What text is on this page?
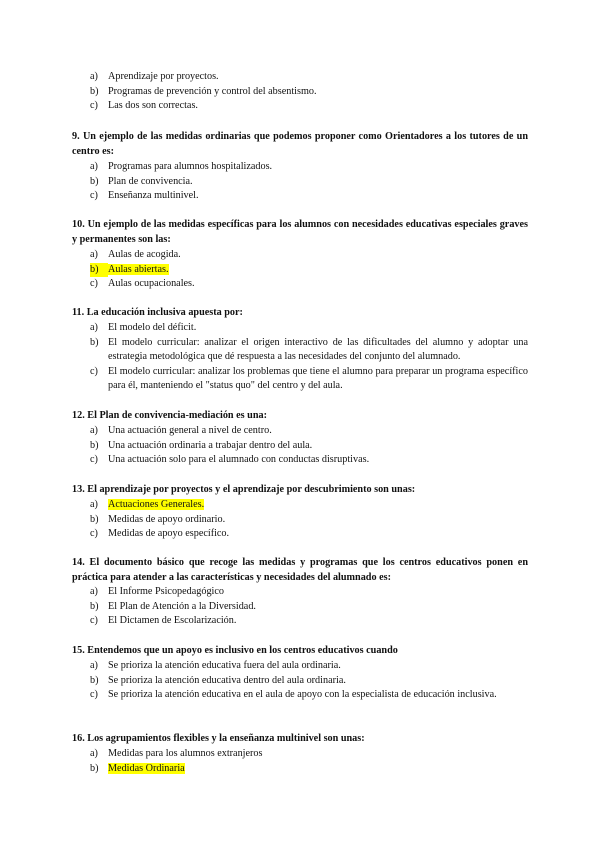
a) Aprendizaje por proyectos.
b) Programas de prevención y control del absentismo.
c) Las dos son correctas.
9. Un ejemplo de las medidas ordinarias que podemos proponer como Orientadores a los tutores de un centro es:
a) Programas para alumnos hospitalizados.
b) Plan de convivencia.
c) Enseñanza multinivel.
10. Un ejemplo de las medidas específicas para los alumnos con necesidades educativas especiales graves y permanentes son las:
a) Aulas de acogida.
b) Aulas abiertas.
c) Aulas ocupacionales.
11. La educación inclusiva apuesta por:
a) El modelo del déficit.
b) El modelo curricular: analizar el origen interactivo de las dificultades del alumno y adoptar una estrategia metodológica que dé respuesta a las necesidades del conjunto del alumnado.
c) El modelo curricular: analizar los problemas que tiene el alumno para preparar un programa específico para él, manteniendo el "status quo" del centro y del aula.
12. El Plan de convivencia-mediación es una:
a) Una actuación general a nivel de centro.
b) Una actuación ordinaria a trabajar dentro del aula.
c) Una actuación solo para el alumnado con conductas disruptivas.
13. El aprendizaje por proyectos y el aprendizaje por descubrimiento son unas:
a) Actuaciones Generales.
b) Medidas de apoyo ordinario.
c) Medidas de apoyo específico.
14. El documento básico que recoge las medidas y programas que los centros educativos ponen en práctica para atender a las características y necesidades del alumnado es:
a) El Informe Psicopedagógico
b) El Plan de Atención a la Diversidad.
c) El Dictamen de Escolarización.
15. Entendemos que un apoyo es inclusivo en los centros educativos cuando
a) Se prioriza la atención educativa fuera del aula ordinaria.
b) Se prioriza la atención educativa dentro del aula ordinaria.
c) Se prioriza la atención educativa en el aula de apoyo con la especialista de educación inclusiva.
16. Los agrupamientos flexibles y la enseñanza multinivel son unas:
a) Medidas para los alumnos extranjeros
b) Medidas Ordinaria
